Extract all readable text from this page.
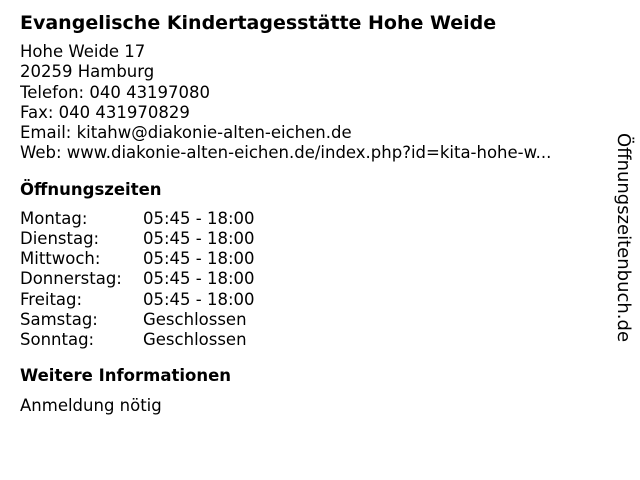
Evangelische Kindertagesstätte Hohe Weide
Hohe Weide 17
20259 Hamburg
Telefon: 040 43197080
Fax: 040 431970829
Email: kitahw@diakonie-alten-eichen.de
Web: www.diakonie-alten-eichen.de/index.php?id=kita-hohe-w...
Öffnungszeiten
Montag:	05:45 - 18:00
Dienstag:	05:45 - 18:00
Mittwoch:	05:45 - 18:00
Donnerstag:	05:45 - 18:00
Freitag:	05:45 - 18:00
Samstag:	Geschlossen
Sonntag:	Geschlossen
Weitere Informationen
Anmeldung nötig
Öffnungszeitenbuch.de
